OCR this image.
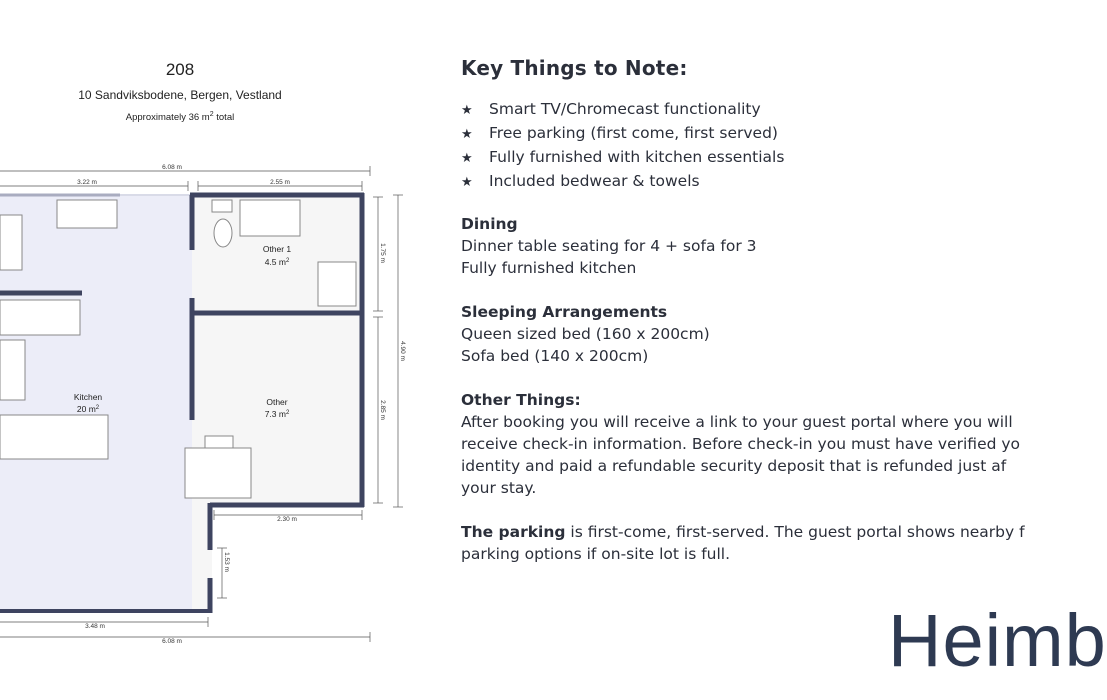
208
10 Sandviksbodene, Bergen, Vestland
Approximately 36 $m^2$ total
Other 1
4.5 $m^2$
Kitchen
20 $m^2$
Other
7.3 $m^2$
6.08 m
3.22 m	2.55 m
1.75 m
2.85 m
4.90 m
2.30 m
1.53 m
3.48 m
6.08 m
Key Things to Note:
★ Smart TV/Chromecast functionality
★ Free parking (first come, first served)
★ Fully furnished with kitchen essentials
★ Included bedwear & towels
Dining
Dinner table seating for 4 + sofa for 3
Fully furnished kitchen
Sleeping Arrangements
Queen sized bed (160 x 200cm)
Sofa bed (140 x 200cm)
Other Things:
After booking you will receive a link to your guest portal where you will
receive check-in information. Before check-in you must have verified yo
identity and paid a refundable security deposit that is refunded just af
your stay.
The parking is first-come, first-served. The guest portal shows nearby f
parking options if on-site lot is full.
Heimb
